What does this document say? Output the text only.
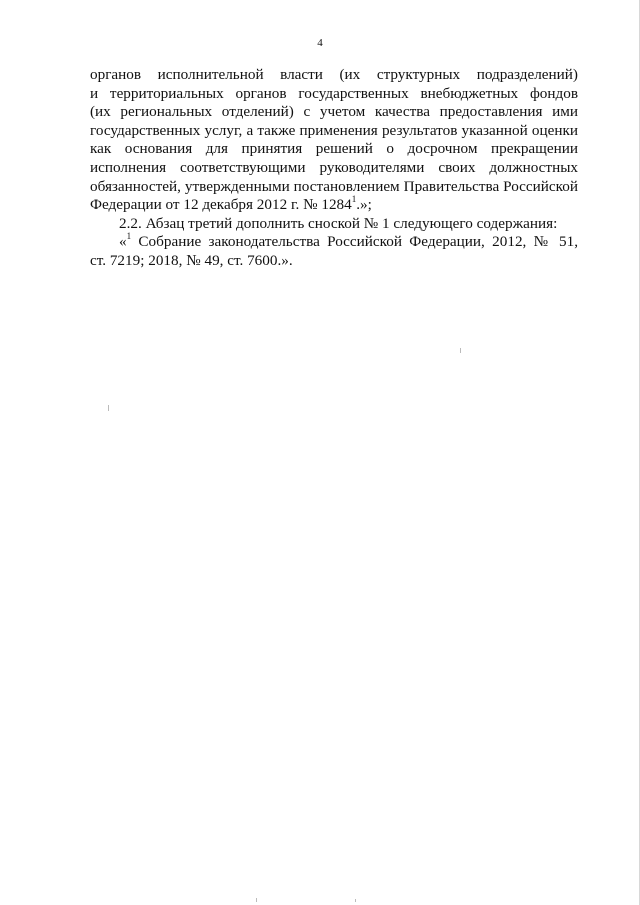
4
органов исполнительной власти (их структурных подразделений)
и территориальных органов государственных внебюджетных фондов
(их региональных отделений) с учетом качества предоставления ими
государственных услуг, а также применения результатов указанной оценки
как основания для принятия решений о досрочном прекращении
исполнения соответствующими руководителями своих должностных
обязанностей, утвержденными постановлением Правительства Российской
Федерации от 12 декабря 2012 г. № 1284$^1$.»;
2.2. Абзац третий дополнить сноской № 1 следующего содержания:
«$^1$ Собрание законодательства Российской Федерации, 2012, № 51,
ст. 7219; 2018, № 49, ст. 7600.».
